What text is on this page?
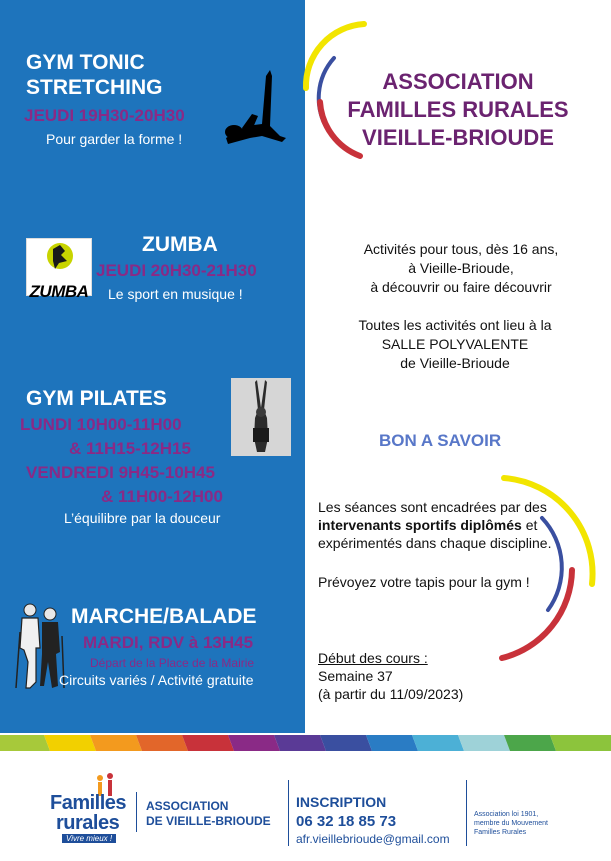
GYM TONIC
STRETCHING
JEUDI 19H30-20H30
Pour garder la forme !
ZUMBA
ZUMBA
JEUDI 20H30-21H30
Le sport en musique !
GYM PILATES
LUNDI 10H00-11H00
& 11H15-12H15
VENDREDI 9H45-10H45
& 11H00-12H00
L’équilibre par la douceur
MARCHE/BALADE
MARDI, RDV à 13H45
Départ de la Place de la Mairie
Circuits variés / Activité gratuite
ASSOCIATION
FAMILLES RURALES
VIEILLE-BRIOUDE
Activités pour tous, dès 16 ans,
à Vieille-Brioude,
à découvrir ou faire découvrir
Toutes les activités ont lieu à la
SALLE POLYVALENTE
de Vieille-Brioude
BON A SAVOIR
Les séances sont encadrées par des intervenants sportifs diplômés et expérimentés dans chaque discipline.
Prévoyez votre tapis pour la gym !
Début des cours :
Semaine 37
(à partir du 11/09/2023)
Familles
rurales
Vivre mieux !
ASSOCIATION
DE VIEILLE-BRIOUDE
INSCRIPTION
06 32 18 85 73
afr.vieillebrioude@gmail.com
Association loi 1901,
membre du Mouvement
Familles Rurales
